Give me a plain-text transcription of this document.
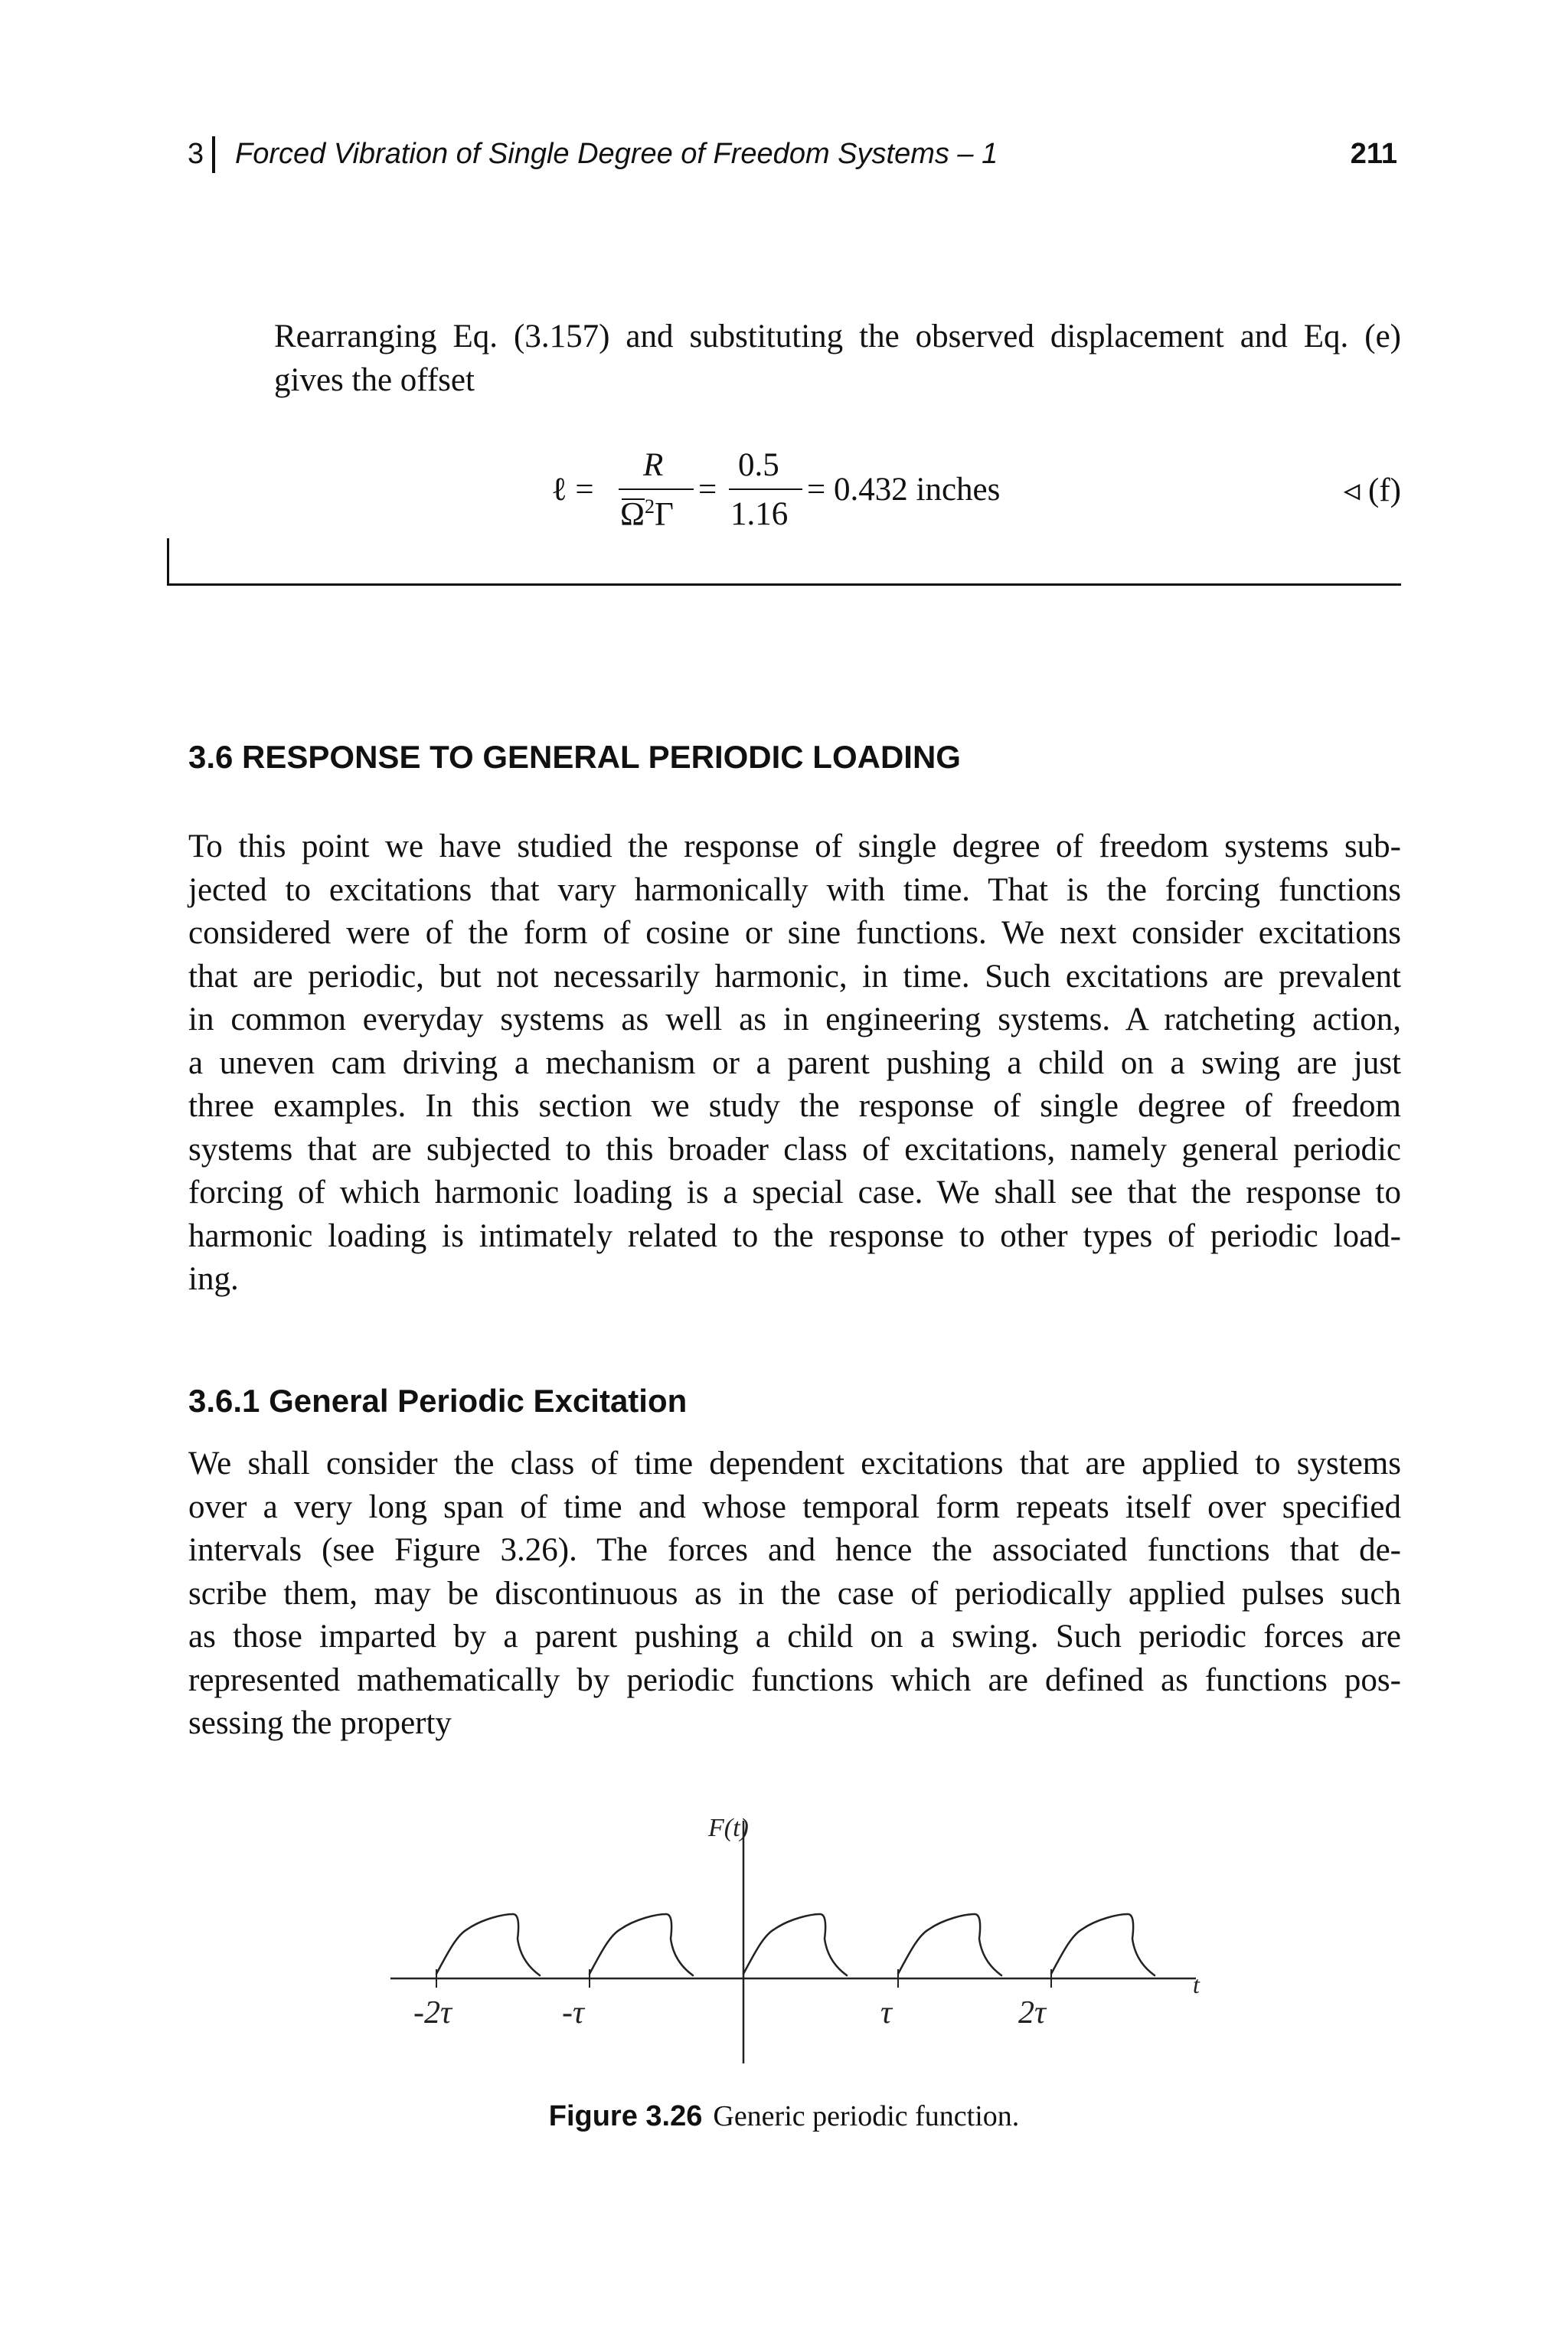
3 Forced Vibration of Single Degree of Freedom Systems – 1	211
Rearranging Eq. (3.157) and substituting the observed displacement and Eq. (e)
gives the offset
ℓ =
R
$\Omega^2\Gamma$
=
0.5
1.16
= 0.432 inches	◃ (f)
3.6 RESPONSE TO GENERAL PERIODIC LOADING
To this point we have studied the response of single degree of freedom systems sub-
jected to excitations that vary harmonically with time. That is the forcing functions
considered were of the form of cosine or sine functions. We next consider excitations
that are periodic, but not necessarily harmonic, in time. Such excitations are prevalent
in common everyday systems as well as in engineering systems. A ratcheting action,
a uneven cam driving a mechanism or a parent pushing a child on a swing are just
three examples. In this section we study the response of single degree of freedom
systems that are subjected to this broader class of excitations, namely general periodic
forcing of which harmonic loading is a special case. We shall see that the response to
harmonic loading is intimately related to the response to other types of periodic load-
ing.
3.6.1 General Periodic Excitation
We shall consider the class of time dependent excitations that are applied to systems
over a very long span of time and whose temporal form repeats itself over specified
intervals (see Figure 3.26). The forces and hence the associated functions that de-
scribe them, may be discontinuous as in the case of periodically applied pulses such
as those imparted by a parent pushing a child on a swing. Such periodic forces are
represented mathematically by periodic functions which are defined as functions pos-
sessing the property
F(t)
t
-2τ	-τ	τ	2τ
Figure 3.26 Generic periodic function.
